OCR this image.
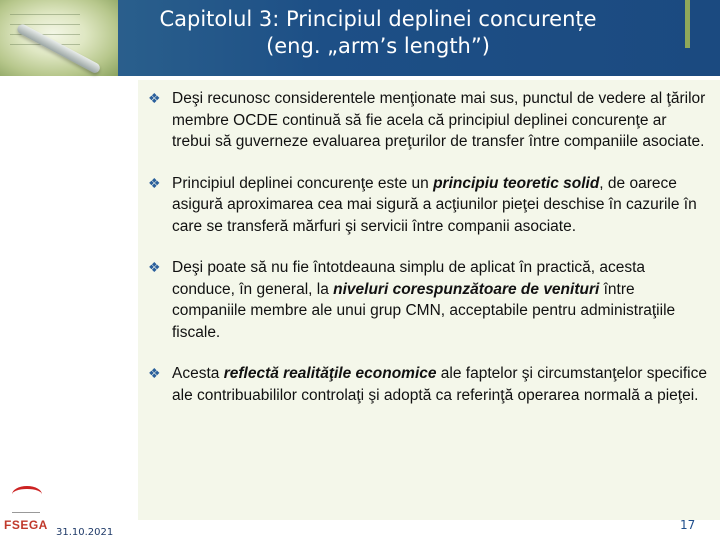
Capitolul 3: Principiul deplinei concurențe
(eng. „arm’s length”)
❖ Deşi recunosc considerentele menţionate mai sus, punctul de vedere al ţărilor membre OCDE continuă să fie acela că principiul deplinei concurenţe ar trebui să guverneze evaluarea preţurilor de transfer între companiile asociate.
❖ Principiul deplinei concurenţe este un principiu teoretic solid, de oarece asigură aproximarea cea mai sigură a acţiunilor pieţei deschise în cazurile în care se transferă mărfuri şi servicii între companii asociate.
❖ Deşi poate să nu fie întotdeauna simplu de aplicat în practică, acesta conduce, în general, la niveluri corespunzătoare de venituri între companiile membre ale unui grup CMN, acceptabile pentru administraţiile fiscale.
❖ Acesta reflectă realităţile economice ale faptelor şi circumstanţelor specifice ale contribuabililor controlaţi şi adoptă ca referinţă operarea normală a pieţei.
FSEGA
31.10.2021
17
